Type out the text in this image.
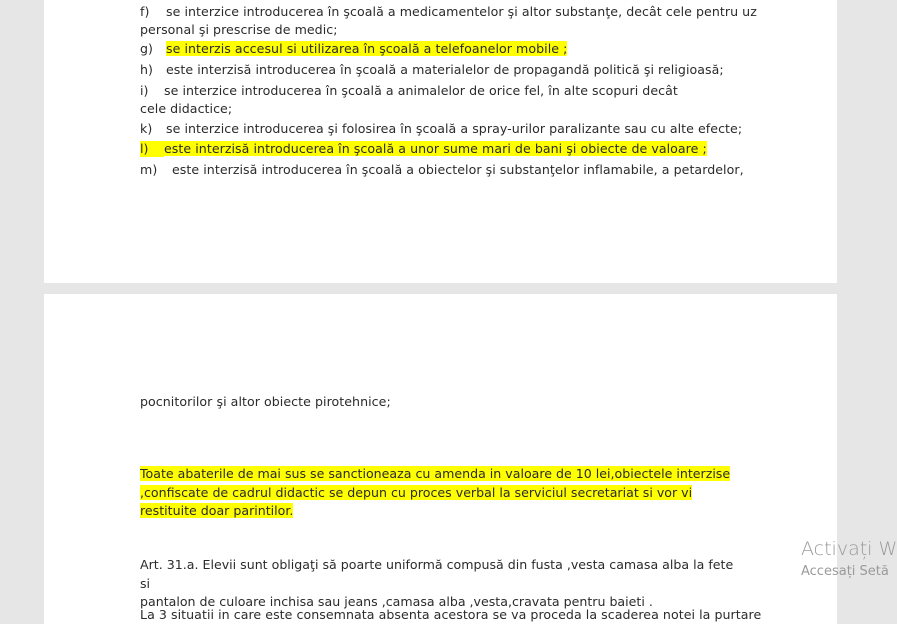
f) se interzice introducerea în şcoală a medicamentelor şi altor substanţe, decât cele pentru uz
personal şi prescrise de medic;
g) se interzis accesul si utilizarea în şcoală a telefoanelor mobile ;
h) este interzisă introducerea în şcoală a materialelor de propagandă politică şi religioasă;
i) se interzice introducerea în şcoală a animalelor de orice fel, în alte scopuri decât
cele didactice;
k) se interzice introducerea şi folosirea în şcoală a spray-urilor paralizante sau cu alte efecte;
l) este interzisă introducerea în şcoală a unor sume mari de bani şi obiecte de valoare ;
m) este interzisă introducerea în şcoală a obiectelor şi substanţelor inflamabile, a petardelor,
pocnitorilor şi altor obiecte pirotehnice;
Toate abaterile de mai sus se sanctioneaza cu amenda in valoare de 10 lei,obiectele interzise
,confiscate de cadrul didactic se depun cu proces verbal la serviciul secretariat si vor vi
restituite doar parintilor.
Art. 31.a. Elevii sunt obligaţi să poarte uniformă compusă din fusta ,vesta camasa alba la fete si
pantalon de culoare inchisa sau jeans ,camasa alba ,vesta,cravata pentru baieti .
La 3 situatii in care este consemnata absenta acestora se va proceda la scaderea notei la purtare
Activați W
Accesați Setă
